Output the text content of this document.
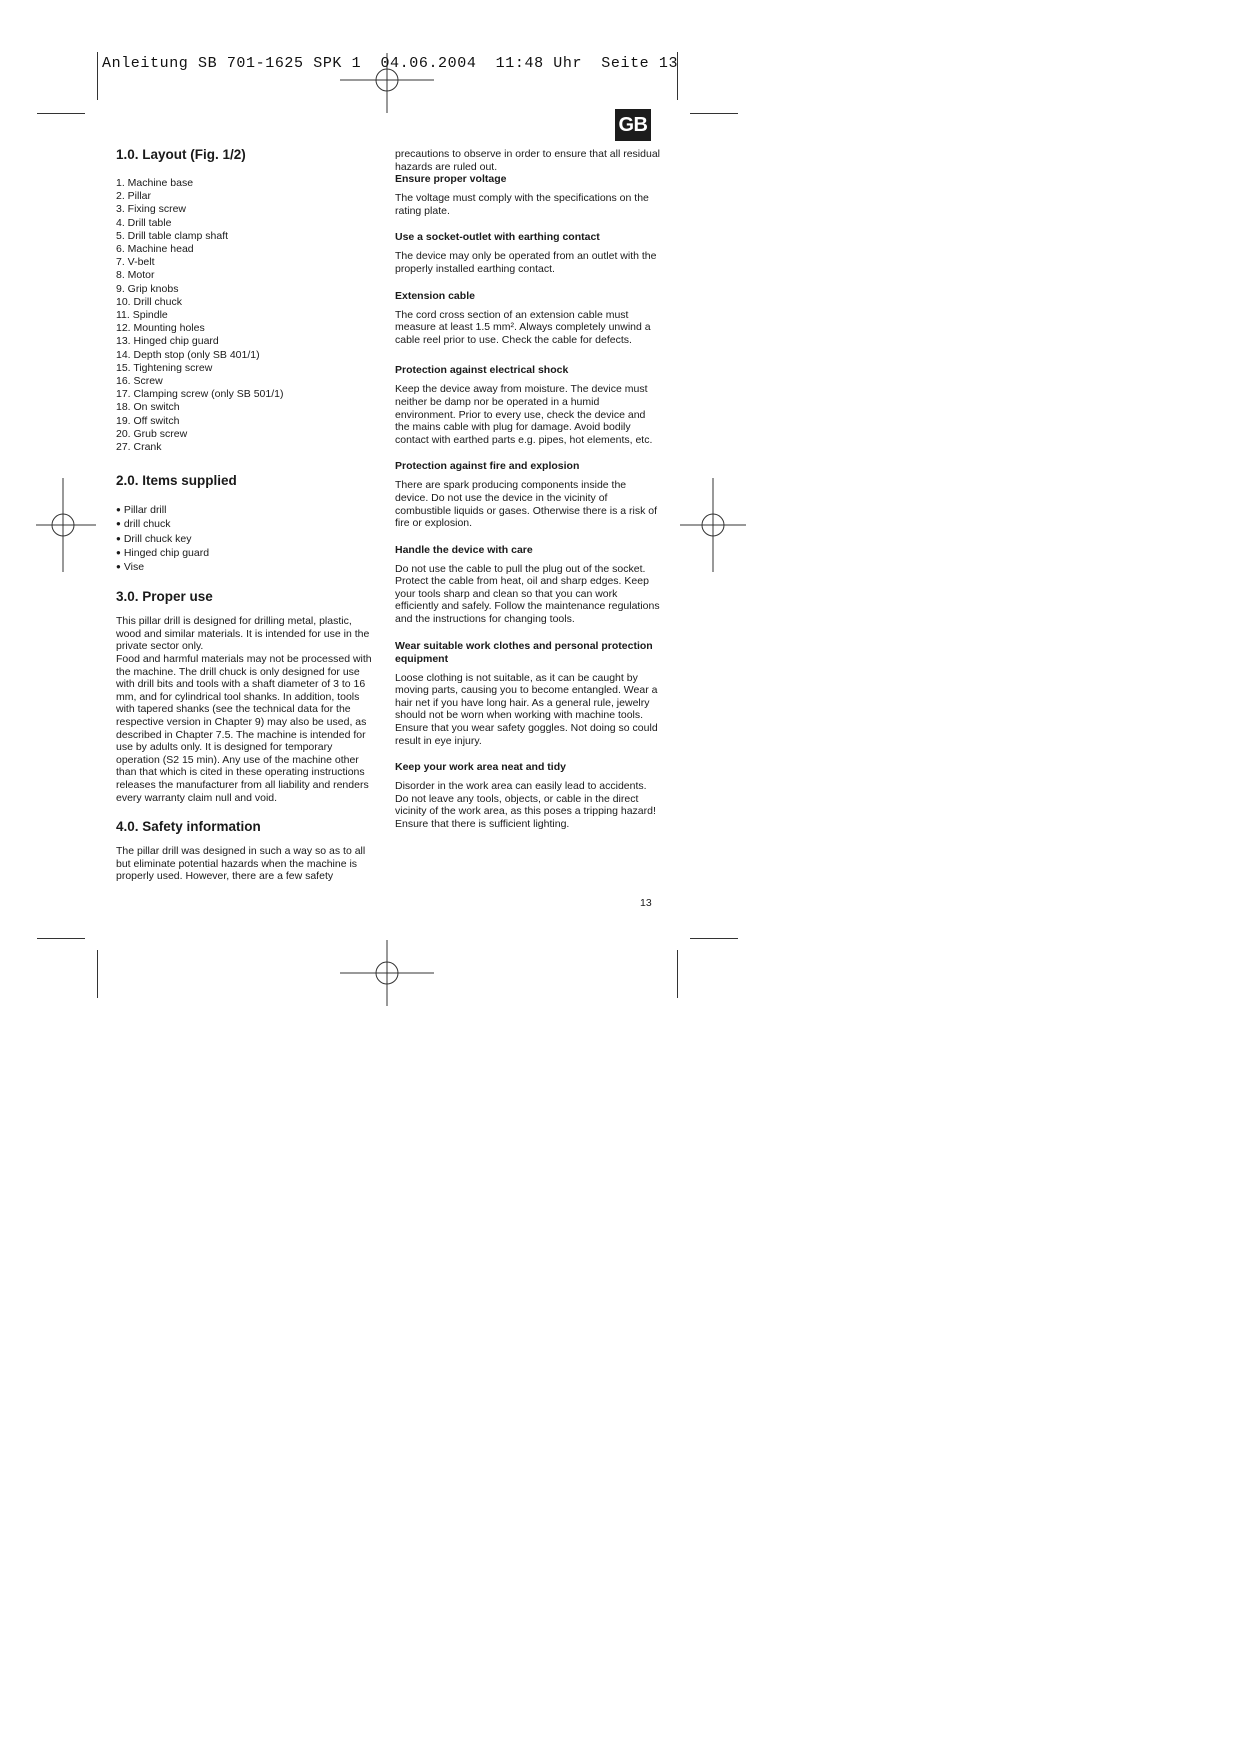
Anleitung SB 701-1625 SPK 1  04.06.2004  11:48 Uhr  Seite 13
GB
1.0. Layout (Fig. 1/2)
1. Machine base
2. Pillar
3. Fixing screw
4. Drill table
5. Drill table clamp shaft
6. Machine head
7. V-belt
8. Motor
9. Grip knobs
10. Drill chuck
11. Spindle
12. Mounting holes
13. Hinged chip guard
14. Depth stop (only SB 401/1)
15. Tightening screw
16. Screw
17. Clamping screw (only SB 501/1)
18. On switch
19. Off switch
20. Grub screw
27. Crank
2.0. Items supplied
● Pillar drill
● drill chuck
● Drill chuck key
● Hinged chip guard
● Vise
3.0. Proper use

This pillar drill is designed for drilling metal, plastic, wood and similar materials. It is intended for use in the private sector only.

Food and harmful materials may not be processed with the machine. The drill chuck is only designed for use with drill bits and tools with a shaft diameter of 3 to 16 mm, and for cylindrical tool shanks. In addition, tools with tapered shanks (see the technical data for the respective version in Chapter 9) may also be used, as described in Chapter 7.5. The machine is intended for use by adults only. It is designed for temporary operation (S2 15 min). Any use of the machine other than that which is cited in these operating instructions releases the manufacturer from all liability and renders every warranty claim null and void.

4.0. Safety information

The pillar drill was designed in such a way so as to all but eliminate potential hazards when the machine is properly used. However, there are a few safety

precautions to observe in order to ensure that all residual hazards are ruled out.

Ensure proper voltage

The voltage must comply with the specifications on the rating plate.

Use a socket-outlet with earthing contact

The device may only be operated from an outlet with the properly installed earthing contact.

Extension cable

The cord cross section of an extension cable must measure at least 1.5 mm². Always completely unwind a cable reel prior to use. Check the cable for defects.

Protection against electrical shock

Keep the device away from moisture. The device must neither be damp nor be operated in a humid environment. Prior to every use, check the device and the mains cable with plug for damage. Avoid bodily contact with earthed parts e.g. pipes, hot elements, etc.

Protection against fire and explosion

There are spark producing components inside the device. Do not use the device in the vicinity of combustible liquids or gases. Otherwise there is a risk of fire or explosion.

Handle the device with care

Do not use the cable to pull the plug out of the socket. Protect the cable from heat, oil and sharp edges. Keep your tools sharp and clean so that you can work efficiently and safely. Follow the maintenance regulations and the instructions for changing tools.

Wear suitable work clothes and personal protection equipment

Loose clothing is not suitable, as it can be caught by moving parts, causing you to become entangled. Wear a hair net if you have long hair. As a general rule, jewelry should not be worn when working with machine tools. Ensure that you wear safety goggles. Not doing so could result in eye injury.

Keep your work area neat and tidy

Disorder in the work area can easily lead to accidents. Do not leave any tools, objects, or cable in the direct vicinity of the work area, as this poses a tripping hazard! Ensure that there is sufficient lighting.

13
